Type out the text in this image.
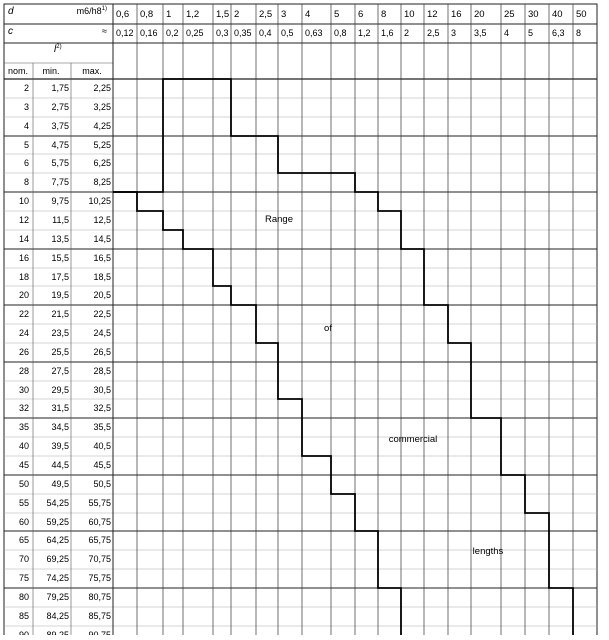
d	m6/h8$^{1)}$
c	≈
$l^{2)}$
nom. min.	max.
0,6 0,8 1 1,2 1,5 2 2,5 3 4 5 6 8 10 12 16 20 25 30 40 50
0,12 0,16 0,2 0,25 0,3 0,35 0,4 0,5 0,63 0,8 1,2 1,6 2 2,5 3 3,5 4 5 6,3 8
2 1,75	2,25
3 2,75	3,25
4 3,75	4,25
5 4,75	5,25
6 5,75	6,25
8 7,75	8,25
10 9,75 10,25
12	11,5	12,5
14 13,5	14,5
16 15,5	16,5
18 17,5	18,5
20 19,5	20,5
22 21,5	22,5
24 23,5	24,5
26 25,5	26,5
28 27,5	28,5
30 29,5	30,5
32 31,5	32,5
35 34,5	35,5
40 39,5	40,5
45 44,5	45,5
50 49,5	50,5
55 54,25 55,75
60 59,25 60,75
65 64,25 65,75
70 69,25 70,75
75 74,25 75,75
80 79,25 80,75
85 84,25 85,75
90 89,25 90,75
Range
of
commercial
lengths
